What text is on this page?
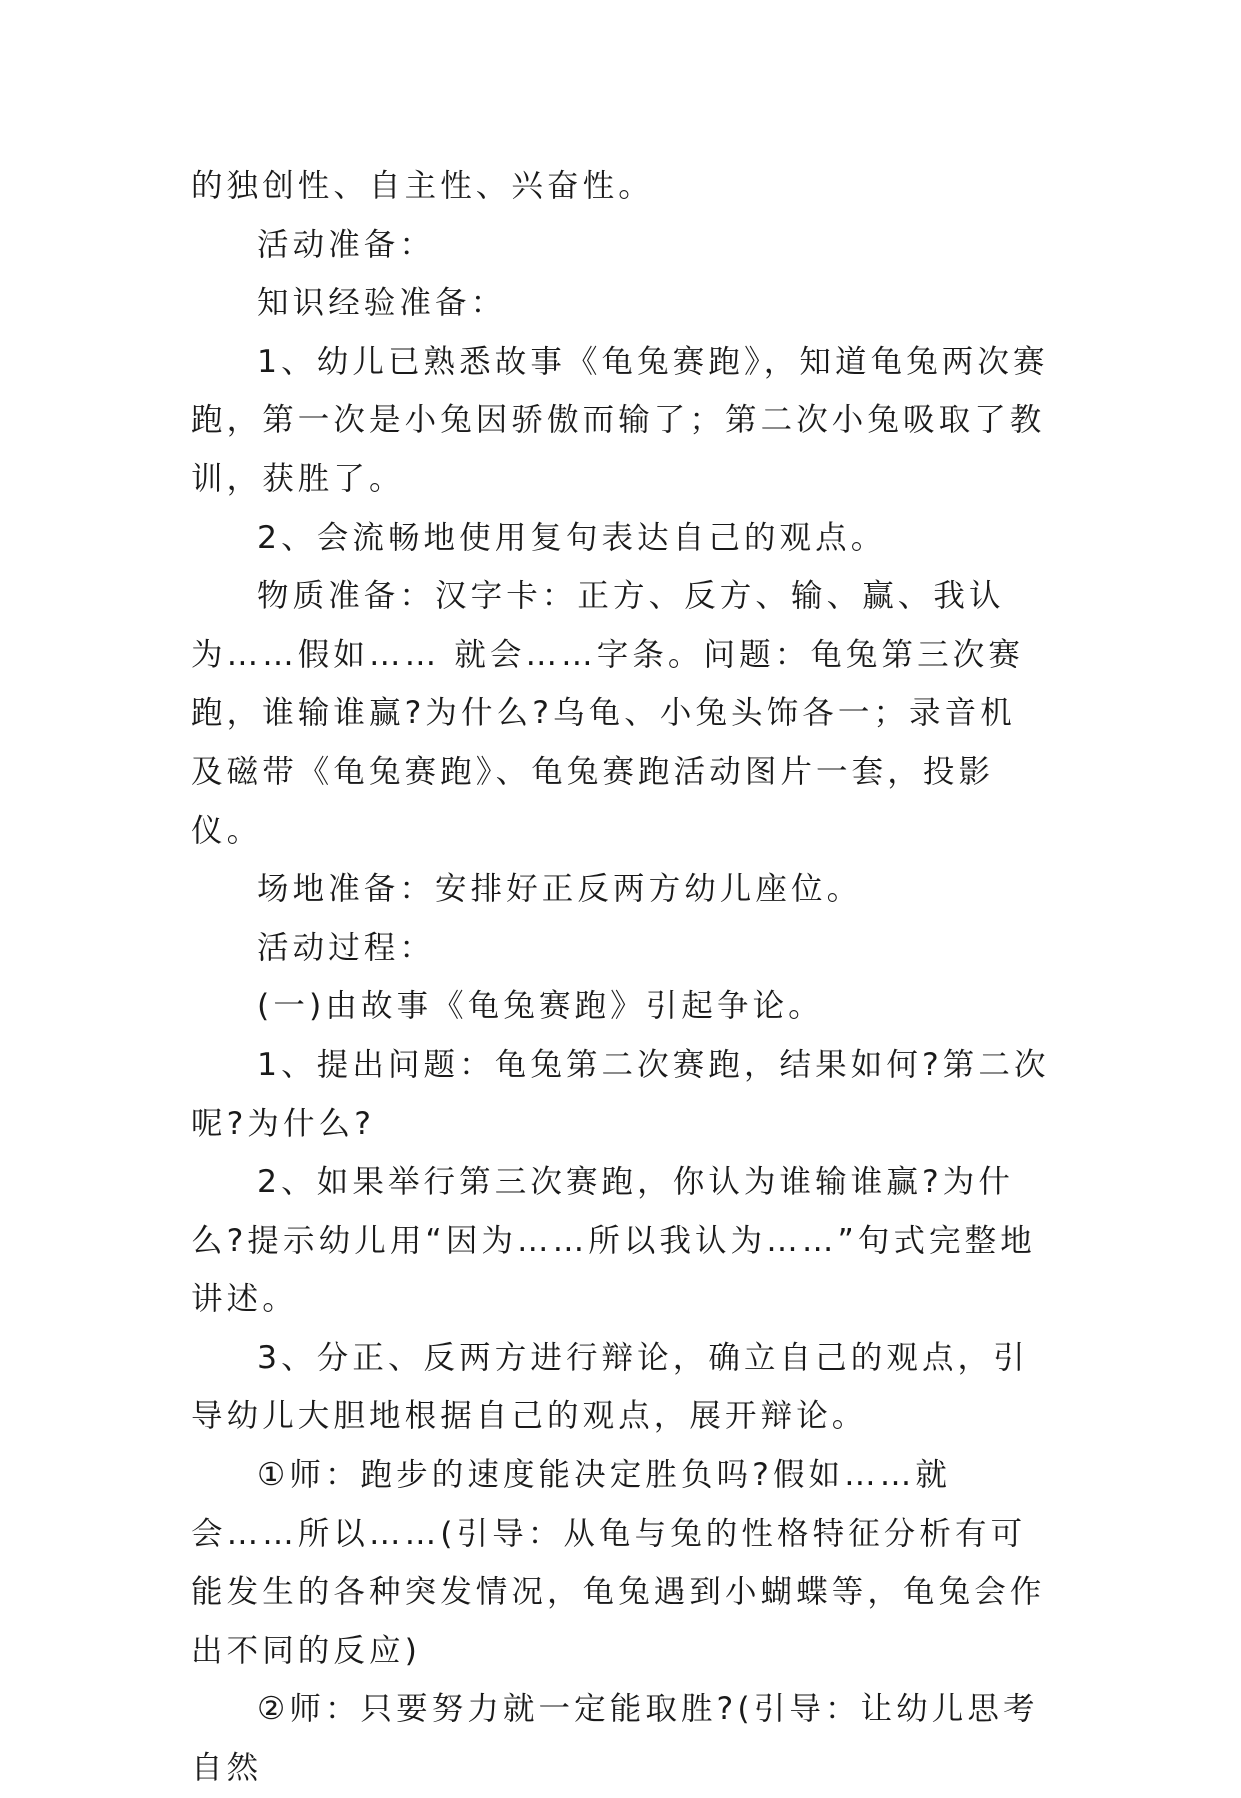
的独创性、自主性、兴奋性。

活动准备：

知识经验准备：

1、幼儿已熟悉故事《龟兔赛跑》，知道龟兔两次赛跑，第一次是小兔因骄傲而输了；第二次小兔吸取了教训，获胜了。

2、会流畅地使用复句表达自己的观点。

物质准备：汉字卡：正方、反方、输、赢、我认为……假如…… 就会……字条。问题：龟兔第三次赛跑，谁输谁赢?为什么?乌龟、小兔头饰各一；录音机及磁带《龟兔赛跑》、龟兔赛跑活动图片一套，投影仪。

场地准备：安排好正反两方幼儿座位。

活动过程：

(一)由故事《龟兔赛跑》引起争论。

1、提出问题：龟兔第二次赛跑，结果如何?第二次呢?为什么?

2、如果举行第三次赛跑，你认为谁输谁赢?为什么?提示幼儿用“因为……所以我认为……”句式完整地讲述。

3、分正、反两方进行辩论，确立自己的观点，引导幼儿大胆地根据自己的观点，展开辩论。

①师：跑步的速度能决定胜负吗?假如……就会……所以……(引导：从龟与兔的性格特征分析有可能发生的各种突发情况，龟兔遇到小蝴蝶等，龟兔会作出不同的反应)

②师：只要努力就一定能取胜?(引导：让幼儿思考自然
